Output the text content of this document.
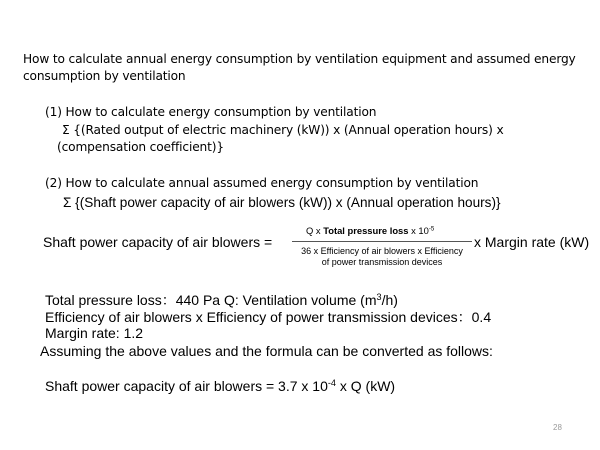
How to calculate annual energy consumption by ventilation equipment and assumed energy
consumption by ventilation
(1) How to calculate energy consumption by ventilation
Σ {(Rated output of electric machinery (kW)) x (Annual operation hours) x
(compensation coefficient)}
(2) How to calculate annual assumed energy consumption by ventilation
Σ {(Shaft power capacity of air blowers (kW)) x (Annual operation hours)}
Shaft power capacity of air blowers =
Q x Total pressure loss x $10^{-5}$
36 x Efficiency of air blowers x Efficiency
of power transmission devices
x Margin rate (kW)
Total pressure loss：440 Pa Q: Ventilation volume $(m^3/h)$
Efficiency of air blowers x Efficiency of power transmission devices：0.4
Margin rate: 1.2
Assuming the above values and the formula can be converted as follows:
Shaft power capacity of air blowers = 3.7 x $10^{-4}$ x Q (kW)
28
